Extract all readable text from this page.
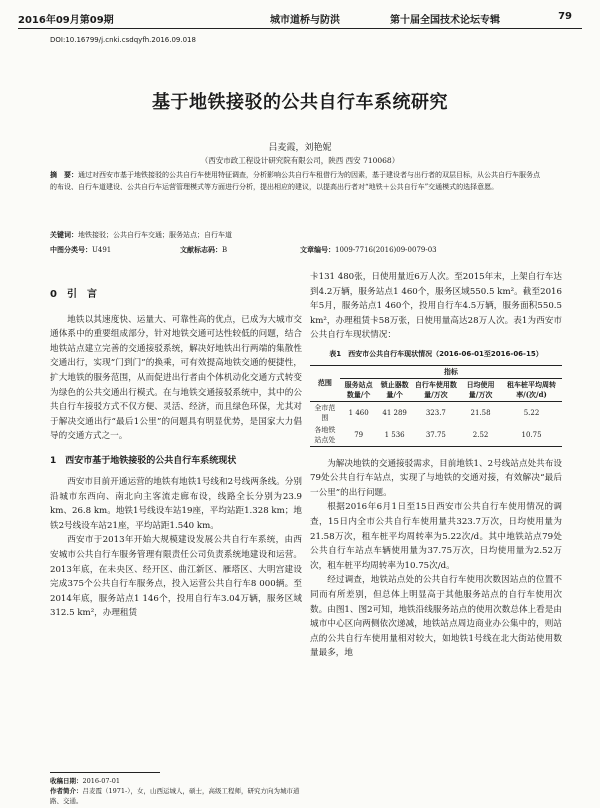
2016年09月第09期	城市道桥与防洪	第十届全国技术论坛专辑	79
DOI:10.16799/j.cnki.csdqyfh.2016.09.018
基于地铁接驳的公共自行车系统研究
吕麦霞，刘艳妮
（西安市政工程设计研究院有限公司，陕西 西安 710068）
摘　要：通过对西安市基于地铁接驳的公共自行车使用特征调查，分析影响公共自行车租借行为的因素，基于建设者与出行者的双层目标，从公共自行车服务点的布设、自行车道建设、公共自行车运营管理模式等方面进行分析，提出相应的建议，以提高出行者对“地铁＋公共自行车”交通模式的选择意愿。
关键词：地铁接驳；公共自行车交通；服务站点；自行车道
中图分类号：U491	文献标志码：B	文章编号：1009-7716(2016)09-0079-03
0　引　言

地铁以其速度快、运量大、可靠性高的优点，已成为大城市交通体系中的重要组成部分，针对地铁交通可达性较低的问题，结合地铁站点建立完善的交通接驳系统，解决好地铁出行两端的集散性交通出行，实现“门到门”的换乘，可有效提高地铁交通的便捷性，扩大地铁的服务范围，从而促进出行者由个体机动化交通方式转变为绿色的公共交通出行模式。在与地铁交通接驳系统中，其中的公共自行车接驳方式不仅方便、灵活、经济，而且绿色环保，尤其对于解决交通出行“最后1公里”的问题具有明显优势，是国家大力倡导的交通方式之一。

1　西安市基于地铁接驳的公共自行车系统现状

西安市目前开通运营的地铁有地铁1号线和2号线两条线。分别沿城市东西向、南北向主客流走廊布设，线路全长分别为23.9 km、26.8 km。地铁1号线设车站19座，平均站距1.328 km；地铁2号线设车站21座，平均站距1.540 km。

西安市于2013年开始大规模建设发展公共自行车系统，由西安城市公共自行车服务管理有限责任公司负责系统地建设和运营。2013年底，在未央区、经开区、曲江新区、雁塔区、大明宫建设完成375个公共自行车服务点，投入运营公共自行车8 000辆。至2014年底，服务站点1 146个，投用自行车3.04万辆，服务区域312.5 km²，办理租赁

卡131 480张，日使用量近6万人次。至2015年末，上架自行车达到4.2万辆，服务站点1 460个，服务区域550.5 km²。截至2016年5月，服务站点1 460个，投用自行车4.5万辆，服务面积550.5 km²，办理租赁卡58万张，日使用量高达28万人次。表1为西安市公共自行车现状情况：

表1　西安市公共自行车现状情况（2016-06-01至2016-06-15）
范围	指标				
	服务站点数量/个	锁止器数量/个	自行车使用数量/万次	日均使用量/万次	租车桩平均周转率/(次/d)
全市范围	1 460	41 289	323.7	21.58	5.22
各地铁站点处	79	1 536	37.75	2.52	10.75

为解决地铁的交通接驳需求，目前地铁1、2号线站点处共布设79处公共自行车站点，实现了与地铁的交通对接，有效解决“最后一公里”的出行问题。

根据2016年6月1日至15日西安市公共自行车使用情况的调查，15日内全市公共自行车使用量共323.7万次，日均使用量为21.58万次，租车桩平均周转率为5.22次/d。其中地铁站点79处公共自行车站点车辆使用量为37.75万次，日均使用量为2.52万次，租车桩平均周转率为10.75次/d。

经过调查，地铁站点处的公共自行车使用次数因站点的位置不同而有所差别，但总体上明显高于其他服务站点的自行车使用次数。由图1、图2可知，地铁沿线服务站点的使用次数总体上看是由城市中心区向两侧依次递减，地铁站点周边商业办公集中的，则站点的公共自行车使用量相对较大，如地铁1号线在北大街站使用数量最多，地

收稿日期：2016-07-01
作者简介：吕麦霞（1971-），女，山西运城人，硕士，高级工程师，研究方向为城市道路、交通。
